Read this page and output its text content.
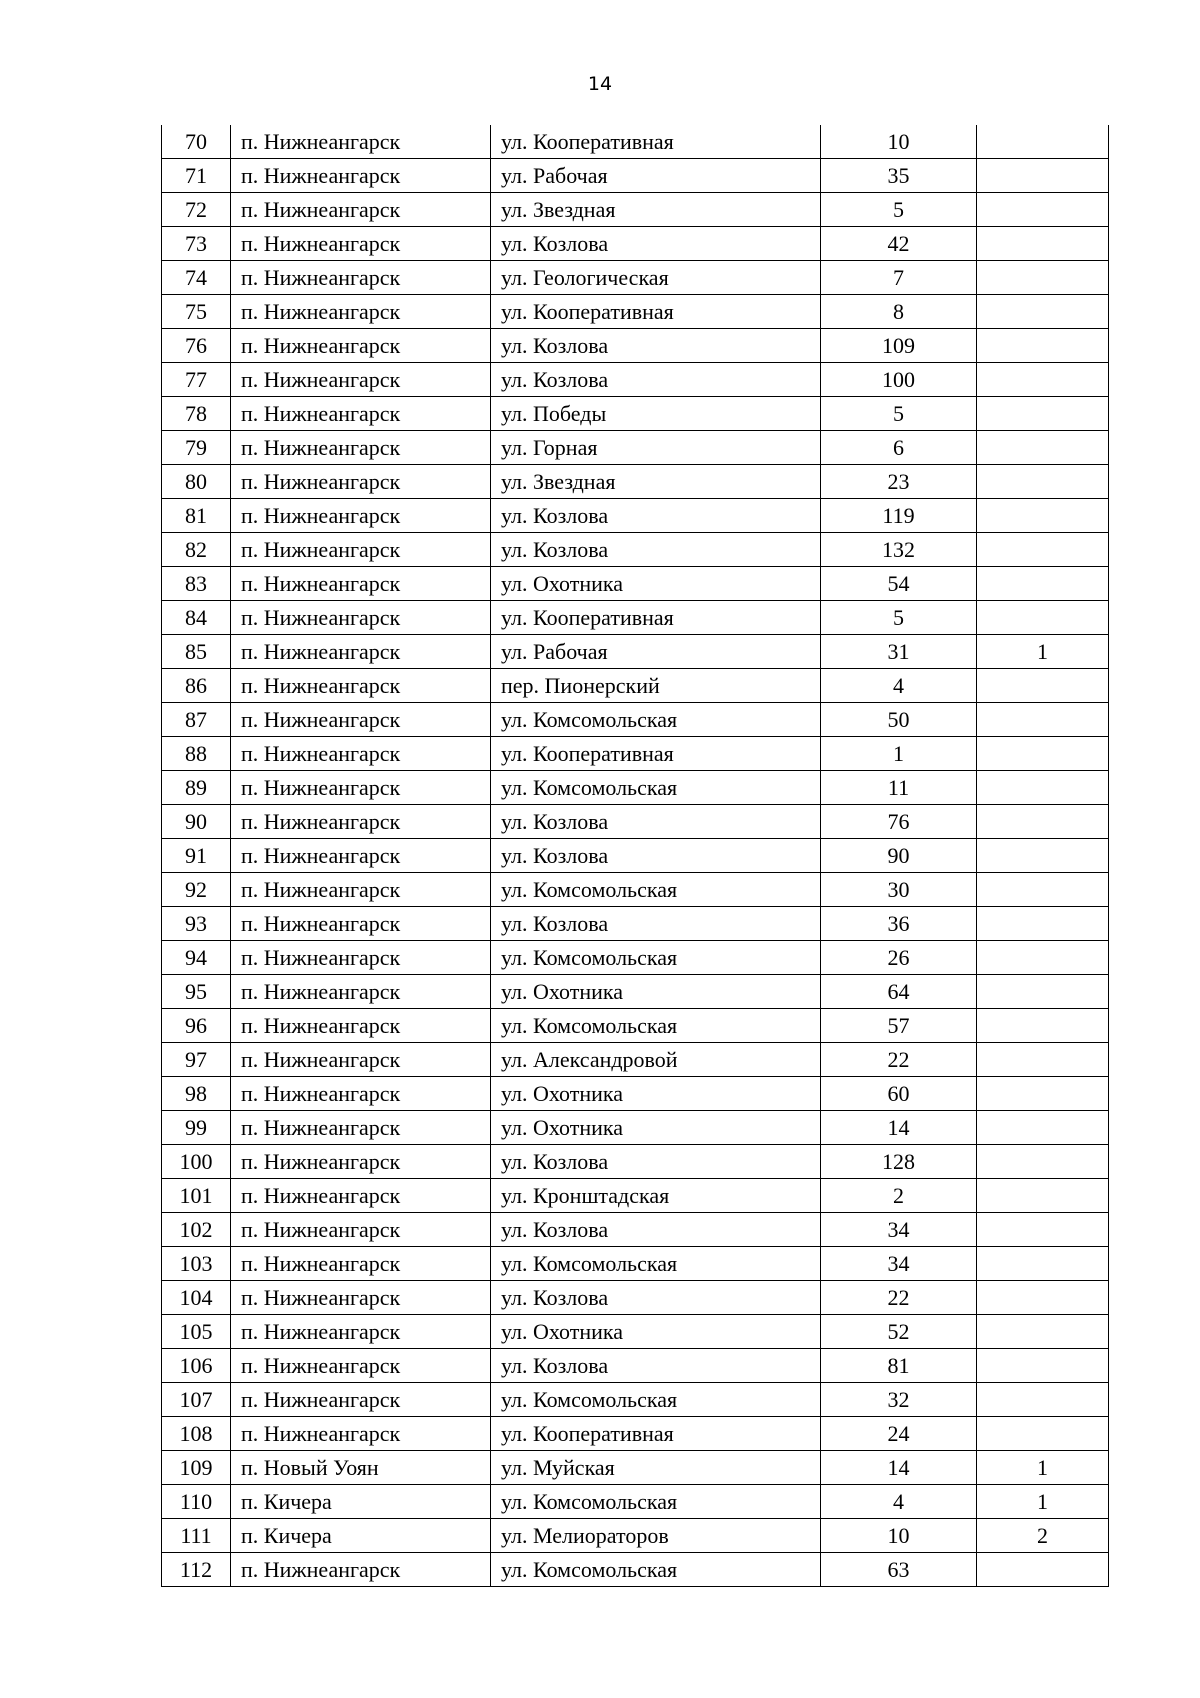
14
70	п. Нижнеангарск	ул. Кооперативная	10	
71	п. Нижнеангарск	ул. Рабочая	35	
72	п. Нижнеангарск	ул. Звездная	5	
73	п. Нижнеангарск	ул. Козлова	42	
74	п. Нижнеангарск	ул. Геологическая	7	
75	п. Нижнеангарск	ул. Кооперативная	8	
76	п. Нижнеангарск	ул. Козлова	109	
77	п. Нижнеангарск	ул. Козлова	100	
78	п. Нижнеангарск	ул. Победы	5	
79	п. Нижнеангарск	ул. Горная	6	
80	п. Нижнеангарск	ул. Звездная	23	
81	п. Нижнеангарск	ул. Козлова	119	
82	п. Нижнеангарск	ул. Козлова	132	
83	п. Нижнеангарск	ул. Охотника	54	
84	п. Нижнеангарск	ул. Кооперативная	5	
85	п. Нижнеангарск	ул. Рабочая	31	1
86	п. Нижнеангарск	пер. Пионерский	4	
87	п. Нижнеангарск	ул. Комсомольская	50	
88	п. Нижнеангарск	ул. Кооперативная	1	
89	п. Нижнеангарск	ул. Комсомольская	11	
90	п. Нижнеангарск	ул. Козлова	76	
91	п. Нижнеангарск	ул. Козлова	90	
92	п. Нижнеангарск	ул. Комсомольская	30	
93	п. Нижнеангарск	ул. Козлова	36	
94	п. Нижнеангарск	ул. Комсомольская	26	
95	п. Нижнеангарск	ул. Охотника	64	
96	п. Нижнеангарск	ул. Комсомольская	57	
97	п. Нижнеангарск	ул. Александровой	22	
98	п. Нижнеангарск	ул. Охотника	60	
99	п. Нижнеангарск	ул. Охотника	14	
100	п. Нижнеангарск	ул. Козлова	128	
101	п. Нижнеангарск	ул. Кронштадская	2	
102	п. Нижнеангарск	ул. Козлова	34	
103	п. Нижнеангарск	ул. Комсомольская	34	
104	п. Нижнеангарск	ул. Козлова	22	
105	п. Нижнеангарск	ул. Охотника	52	
106	п. Нижнеангарск	ул. Козлова	81	
107	п. Нижнеангарск	ул. Комсомольская	32	
108	п. Нижнеангарск	ул. Кооперативная	24	
109	п. Новый Уоян	ул. Муйская	14	1
110	п. Кичера	ул. Комсомольская	4	1
111	п. Кичера	ул. Мелиораторов	10	2
112	п. Нижнеангарск	ул. Комсомольская	63	
